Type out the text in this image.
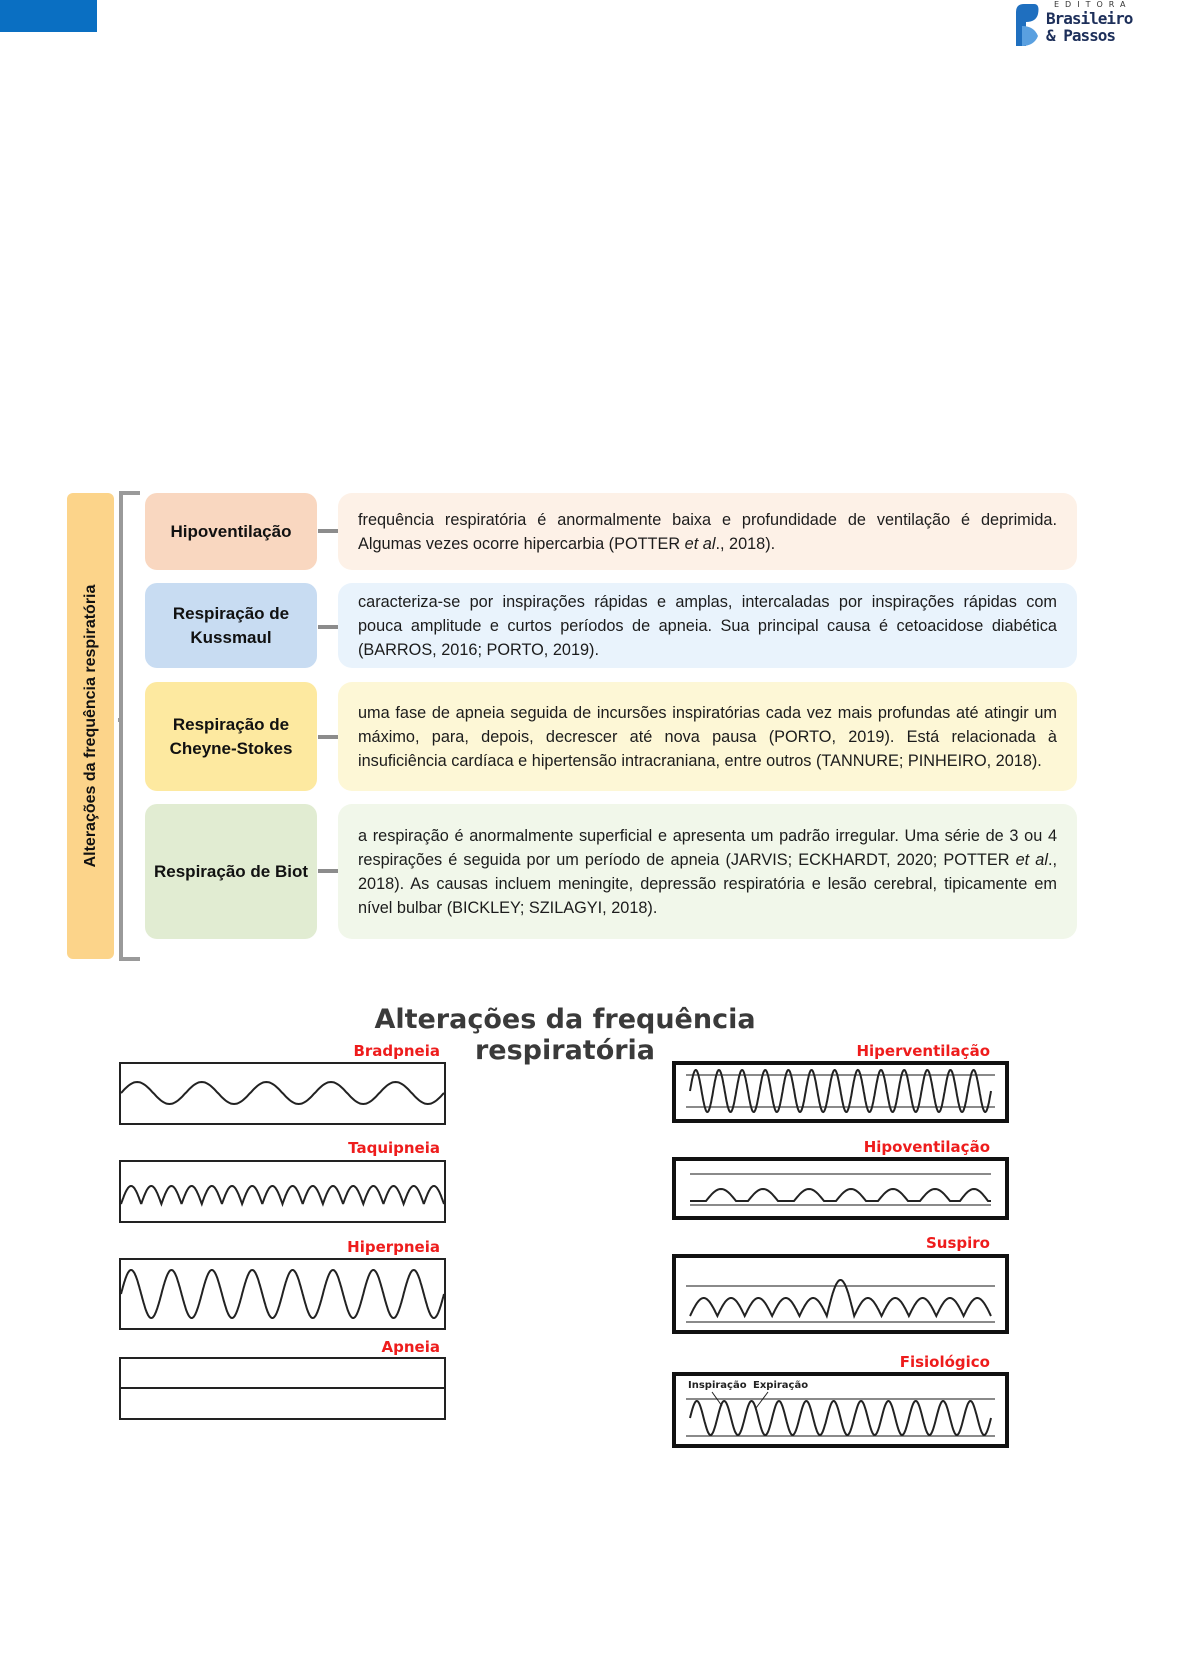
EDITORA
Brasileiro
& Passos
Alterações da frequência respiratória
Hipoventilação

frequência respiratória é anormalmente baixa e profundidade de ventilação é deprimida. Algumas vezes ocorre hipercarbia (POTTER et al., 2018).

Respiração de Kussmaul

caracteriza-se por inspirações rápidas e amplas, intercaladas por inspirações rápidas com pouca amplitude e curtos períodos de apneia. Sua principal causa é cetoacidose diabética (BARROS, 2016; PORTO, 2019).

Respiração de Cheyne-Stokes

uma fase de apneia seguida de incursões inspiratórias cada vez mais profundas até atingir um máximo, para, depois, decrescer até nova pausa (PORTO, 2019). Está relacionada à insuficiência cardíaca e hipertensão intracraniana, entre outros (TANNURE; PINHEIRO, 2018).

Respiração de Biot

a respiração é anormalmente superficial e apresenta um padrão irregular. Uma série de 3 ou 4 respirações é seguida por um período de apneia (JARVIS; ECKHARDT, 2020; POTTER et al., 2018). As causas incluem meningite, depressão respiratória e lesão cerebral, tipicamente em nível bulbar (BICKLEY; SZILAGYI, 2018).

Alterações da frequência respiratória
Bradpneia
Taquipneia
Hiperpneia
Apneia
Hiperventilação
Hipoventilação
Suspiro
Fisiológico
Inspiração Expiração
